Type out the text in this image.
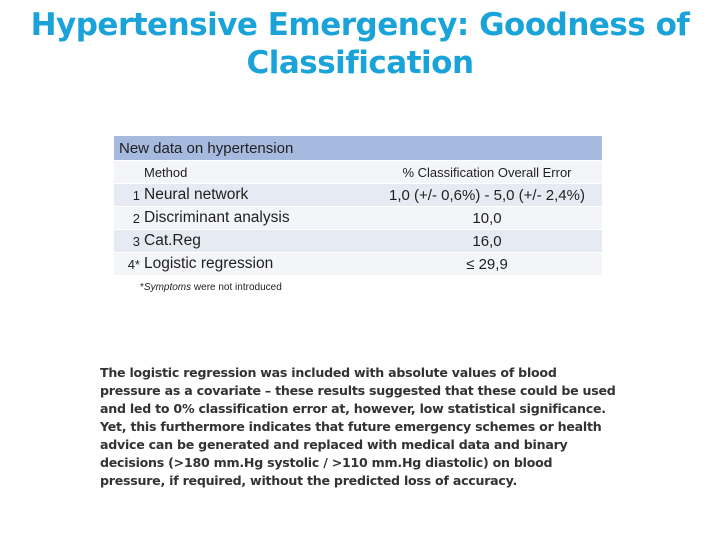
Hypertensive Emergency: Goodness of
Classification
New data on hypertension
Method	% Classification Overall Error
1 Neural network	1,0 (+/- 0,6%) - 5,0 (+/- 2,4%)
2 Discriminant analysis	10,0
3 Cat.Reg	16,0
4* Logistic regression	≤ 29,9
*Symptoms were not introduced
The logistic regression was included with absolute values of blood pressure as a covariate – these results suggested that these could be used and led to 0% classification error at, however, low statistical significance. Yet, this furthermore indicates that future emergency schemes or health advice can be generated and replaced with medical data and binary decisions (>180 mm.Hg systolic / >110 mm.Hg diastolic) on blood pressure, if required, without the predicted loss of accuracy.
